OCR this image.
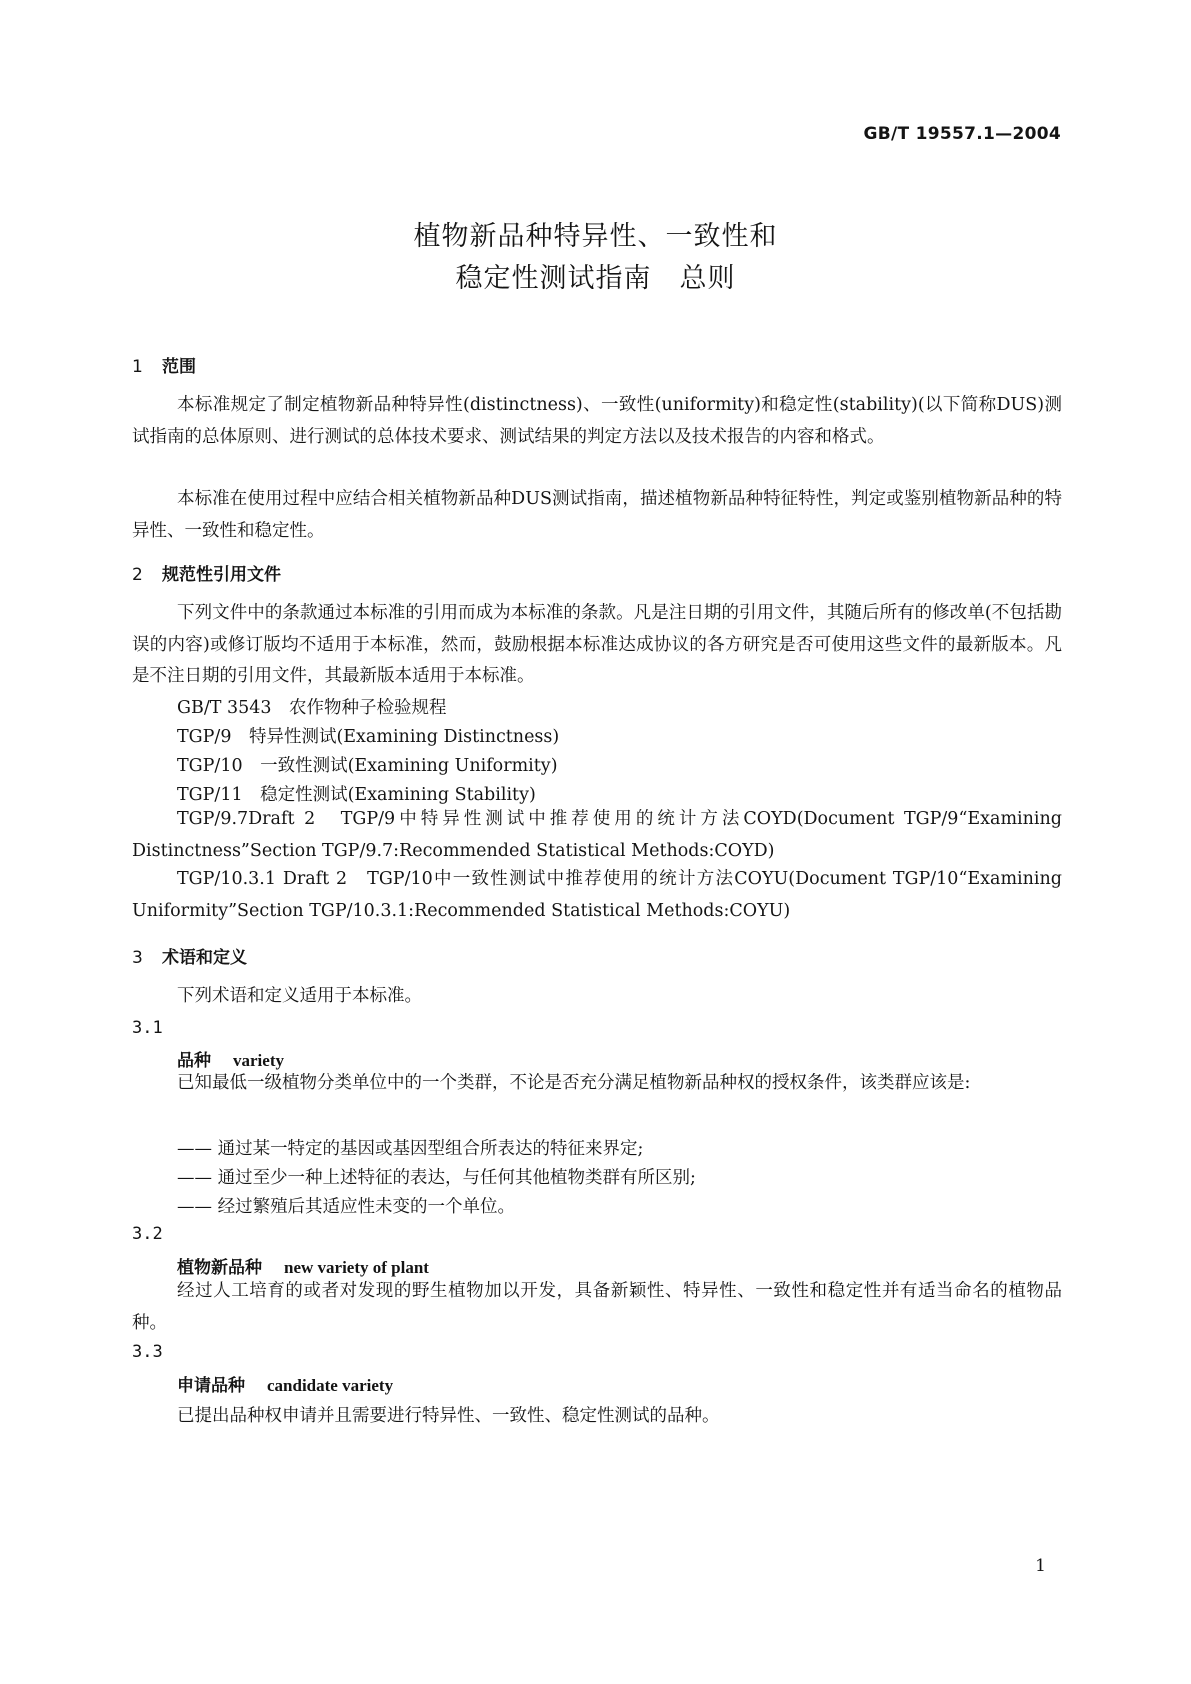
GB/T 19557.1—2004
植物新品种特异性、一致性和
稳定性测试指南　总则
1 范围
本标准规定了制定植物新品种特异性(distinctness)、一致性(uniformity)和稳定性(stability)(以下简称DUS)测试指南的总体原则、进行测试的总体技术要求、测试结果的判定方法以及技术报告的内容和格式。
本标准在使用过程中应结合相关植物新品种DUS测试指南，描述植物新品种特征特性，判定或鉴别植物新品种的特异性、一致性和稳定性。
2 规范性引用文件
下列文件中的条款通过本标准的引用而成为本标准的条款。凡是注日期的引用文件，其随后所有的修改单(不包括勘误的内容)或修订版均不适用于本标准，然而，鼓励根据本标准达成协议的各方研究是否可使用这些文件的最新版本。凡是不注日期的引用文件，其最新版本适用于本标准。
GB/T 3543　农作物种子检验规程
TGP/9　特异性测试(Examining Distinctness)
TGP/10　一致性测试(Examining Uniformity)
TGP/11　稳定性测试(Examining Stability)
TGP/9.7Draft 2　TGP/9中特异性测试中推荐使用的统计方法COYD(Document TGP/9“Examining Distinctness”Section TGP/9.7:Recommended Statistical Methods:COYD)
TGP/10.3.1 Draft 2　TGP/10中一致性测试中推荐使用的统计方法COYU(Document TGP/10“Examining Uniformity”Section TGP/10.3.1:Recommended Statistical Methods:COYU)
3 术语和定义
下列术语和定义适用于本标准。
3.1
品种 variety
已知最低一级植物分类单位中的一个类群，不论是否充分满足植物新品种权的授权条件，该类群应该是:
—— 通过某一特定的基因或基因型组合所表达的特征来界定;
—— 通过至少一种上述特征的表达，与任何其他植物类群有所区别;
—— 经过繁殖后其适应性未变的一个单位。
3.2
植物新品种 new variety of plant
经过人工培育的或者对发现的野生植物加以开发，具备新颖性、特异性、一致性和稳定性并有适当命名的植物品种。
3.3
申请品种 candidate variety
已提出品种权申请并且需要进行特异性、一致性、稳定性测试的品种。
1
